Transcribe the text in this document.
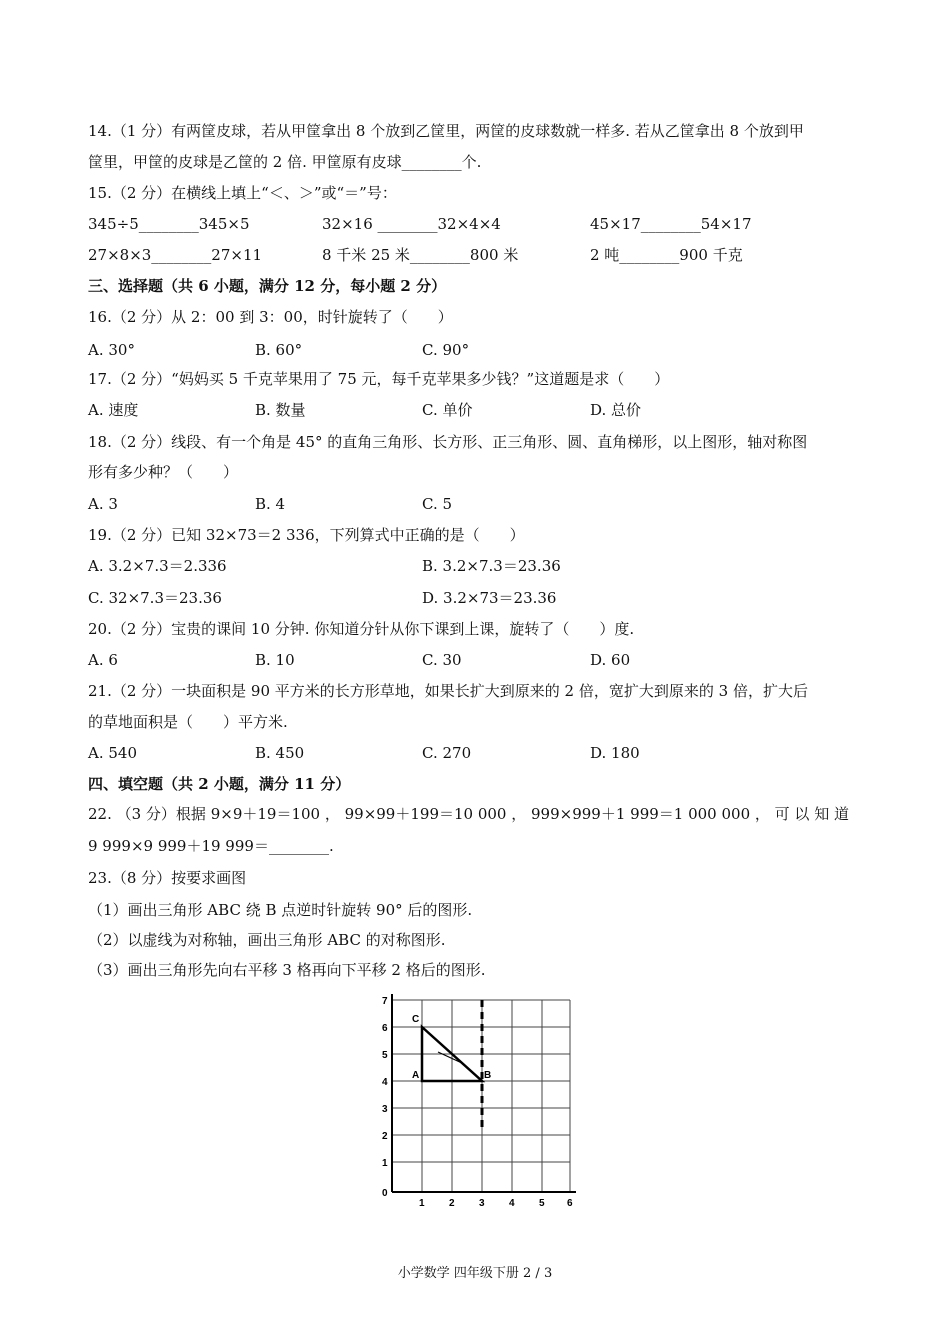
14.（1 分）有两筐皮球，若从甲筐拿出 8 个放到乙筐里，两筐的皮球数就一样多. 若从乙筐拿出 8 个放到甲
筐里，甲筐的皮球是乙筐的 2 倍. 甲筐原有皮球________个.
15.（2 分）在横线上填上“＜、＞”或“＝”号：
345÷5________345×5	32×16 ________32×4×4	45×17________54×17
27×8×3________27×11	8 千米 25 米________800 米	2 吨________900 千克
三、选择题（共 6 小题，满分 12 分，每小题 2 分）
16.（2 分）从 2：00 到 3：00，时针旋转了（　　）
A. 30°	B. 60°	C. 90°
17.（2 分）“妈妈买 5 千克苹果用了 75 元，每千克苹果多少钱？”这道题是求（　　）
A. 速度	B. 数量	C. 单价	D. 总价
18.（2 分）线段、有一个角是 45° 的直角三角形、长方形、正三角形、圆、直角梯形，以上图形，轴对称图
形有多少种？（　　）
A. 3	B. 4	C. 5
19.（2 分）已知 32×73＝2 336，下列算式中正确的是（　　）
A. 3.2×7.3＝2.336	B. 3.2×7.3＝23.36
C. 32×7.3＝23.36	D. 3.2×73＝23.36
20.（2 分）宝贵的课间 10 分钟. 你知道分针从你下课到上课，旋转了（　　）度.
A. 6	B. 10	C. 30	D. 60
21.（2 分）一块面积是 90 平方米的长方形草地，如果长扩大到原来的 2 倍，宽扩大到原来的 3 倍，扩大后
的草地面积是（　　）平方米.
A. 540	B. 450	C. 270	D. 180
四、填空题（共 2 小题，满分 11 分）
22. （3 分）根据 9×9＋19＝100 ， 99×99＋199＝10 000 ， 999×999＋1 999＝1 000 000 ， 可 以 知 道
9 999×9 999＋19 999＝________.
23.（8 分）按要求画图
（1）画出三角形 ABC 绕 B 点逆时针旋转 90° 后的图形.
（2）以虚线为对称轴，画出三角形 ABC 的对称图形.
（3）画出三角形先向右平移 3 格再向下平移 2 格后的图形.
0
1 2 3 4 5 6
1
2
3
4
5
6
7
C
A	B
小学数学 四年级下册 2 / 3
